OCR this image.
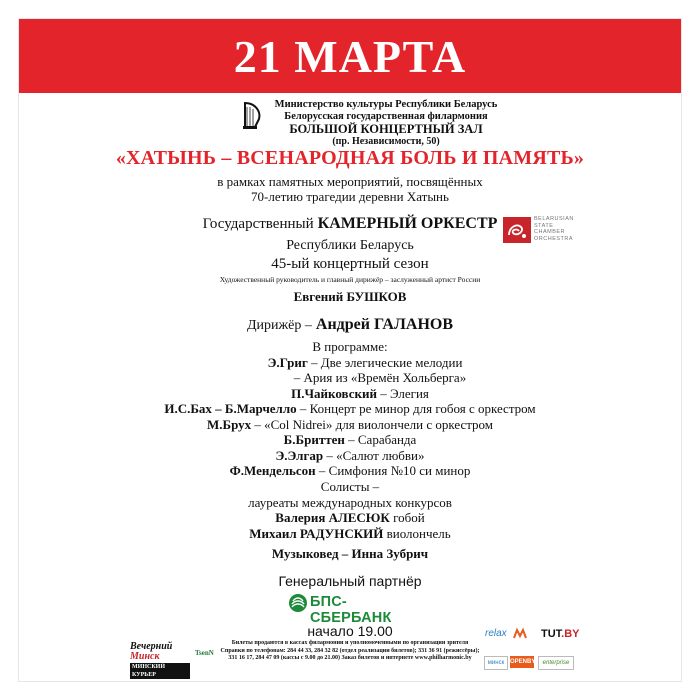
21 МАРТА
Министерство культуры Республики Беларусь
Белорусская государственная филармония
БОЛЬШОЙ КОНЦЕРТНЫЙ ЗАЛ
(пр. Независимости, 50)
«ХАТЫНЬ – ВСЕНАРОДНАЯ БОЛЬ И ПАМЯТЬ»
в рамках памятных мероприятий, посвящённых
70-летию трагедии деревни Хатынь
Государственный КАМЕРНЫЙ ОРКЕСТР	BELARUSIAN
STATE
CHAMBER
ORCHESTRA
Республики Беларусь
45-ый концертный сезон
Художественный руководитель и главный дирижёр – заслуженный артист России
Евгений БУШКОВ
Дирижёр – Андрей ГАЛАНОВ
В программе:
Э.Григ – Две элегические мелодии
– Ария из «Времён Хольберга»
П.Чайковский – Элегия
И.С.Бах – Б.Марчелло – Концерт ре минор для гобоя с оркестром
М.Брух – «Col Nidrei» для виолончели с оркестром
Б.Бриттен – Сарабанда
Э.Элгар – «Салют любви»
Ф.Мендельсон – Симфония №10 си минор
Солисты –
лауреаты международных конкурсов
Валерия АЛЕСЮК гобой
Михаил РАДУНСКИЙ виолончель
Музыковед – Инна Зубрич
Генеральный партнёр
БПС-СБЕРБАНК
начало 19.00
Билеты продаются в кассах филармонии и уполномоченными по организации зрителя
Справки по телефонам: 284 44 33, 284 32 82 (отдел реализации билетов); 331 36 91 (режиссёры);
331 16 17, 284 47 09 (кассы с 9.00 до 21.00) Заказ билетов и интернете www.philharmonic.by
Вечерний Минск
МИНСКИЙ КУРЬЕР
TsenN
relax	TUT.BY
минск OPENBY	enterprise
